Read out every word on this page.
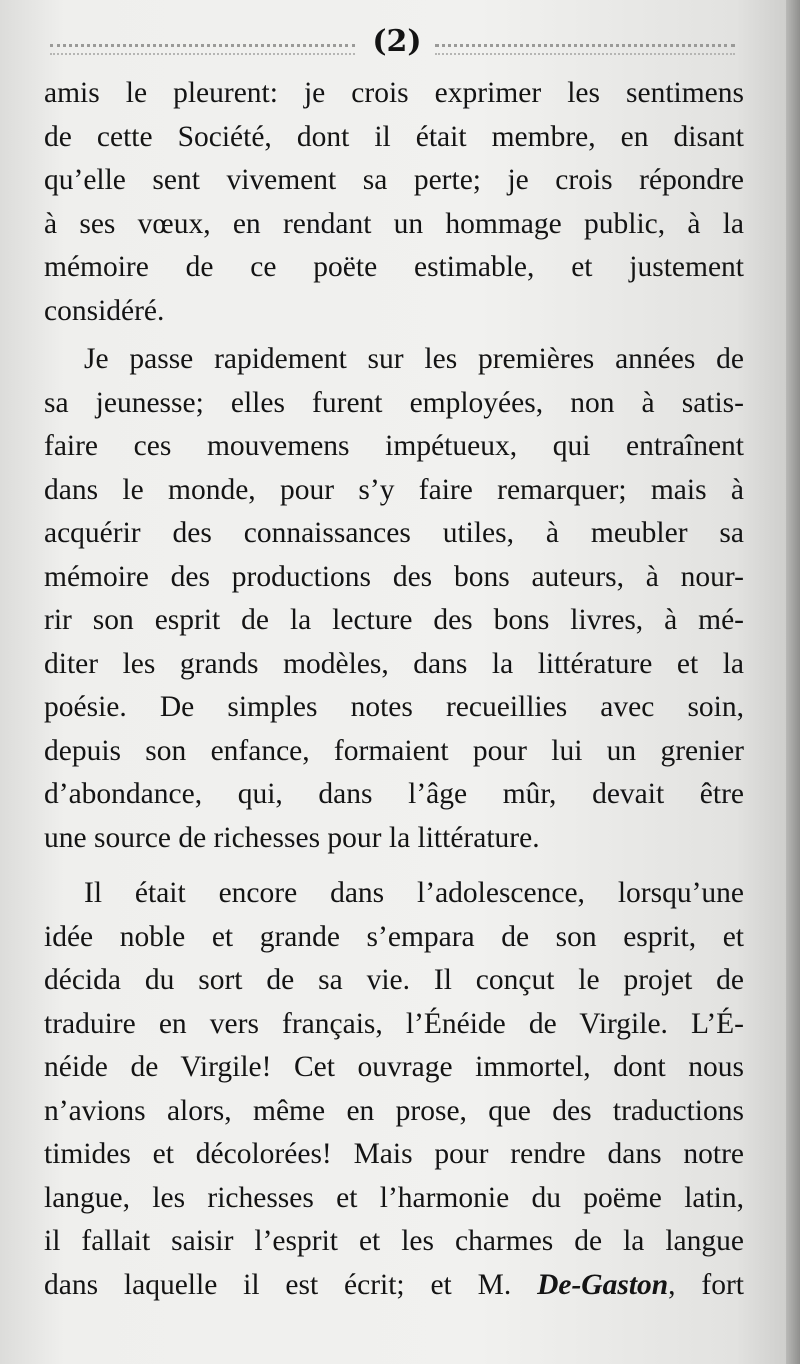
(2)
amis le pleurent: je crois exprimer les sentimens
de cette Société, dont il était membre, en disant
qu’elle sent vivement sa perte; je crois répondre
à ses vœux, en rendant un hommage public, à la
mémoire de ce poëte estimable, et justement
considéré.
Je passe rapidement sur les premières années de
sa jeunesse; elles furent employées, non à satis-
faire ces mouvemens impétueux, qui entraînent
dans le monde, pour s’y faire remarquer; mais à
acquérir des connaissances utiles, à meubler sa
mémoire des productions des bons auteurs, à nour-
rir son esprit de la lecture des bons livres, à mé-
diter les grands modèles, dans la littérature et la
poésie. De simples notes recueillies avec soin,
depuis son enfance, formaient pour lui un grenier
d’abondance, qui, dans l’âge mûr, devait être
une source de richesses pour la littérature.
Il était encore dans l’adolescence, lorsqu’une
idée noble et grande s’empara de son esprit, et
décida du sort de sa vie. Il conçut le projet de
traduire en vers français, l’Énéide de Virgile. L’É-
néide de Virgile! Cet ouvrage immortel, dont nous
n’avions alors, même en prose, que des traductions
timides et décolorées! Mais pour rendre dans notre
langue, les richesses et l’harmonie du poëme latin,
il fallait saisir l’esprit et les charmes de la langue
dans laquelle il est écrit; et M. De-Gaston, fort
